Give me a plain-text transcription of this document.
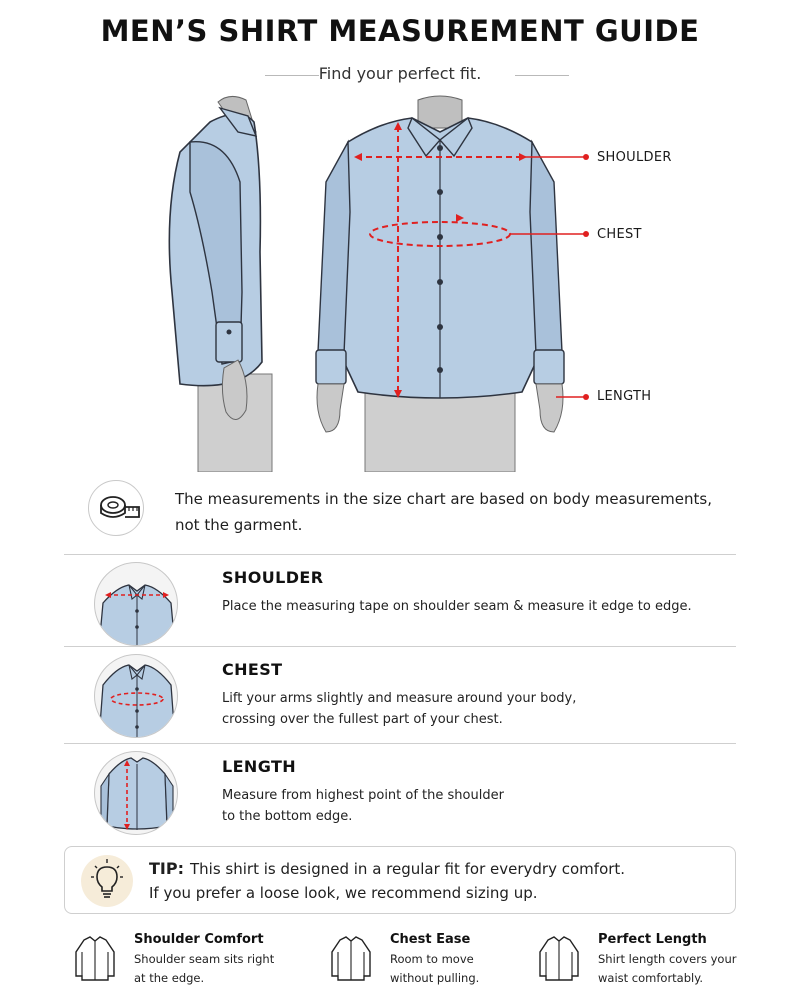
MEN’S SHIRT MEASUREMENT GUIDE
Find your perfect fit.
SHOULDER
CHEST
LENGTH
The measurements in the size chart are based on body measurements,
not the garment.
SHOULDER
Place the measuring tape on shoulder seam & measure it edge to edge.
CHEST
Lift your arms slightly and measure around your body,
crossing over the fullest part of your chest.
LENGTH
Measure from highest point of the shoulder
to the bottom edge.
TIP: This shirt is designed in a regular fit for everydry comfort.
If you prefer a loose look, we recommend sizing up.
Shoulder Comfort
Shoulder seam sits right
at the edge.
Chest Ease
Room to move
without pulling.
Perfect Length
Shirt length covers your
waist comfortably.
